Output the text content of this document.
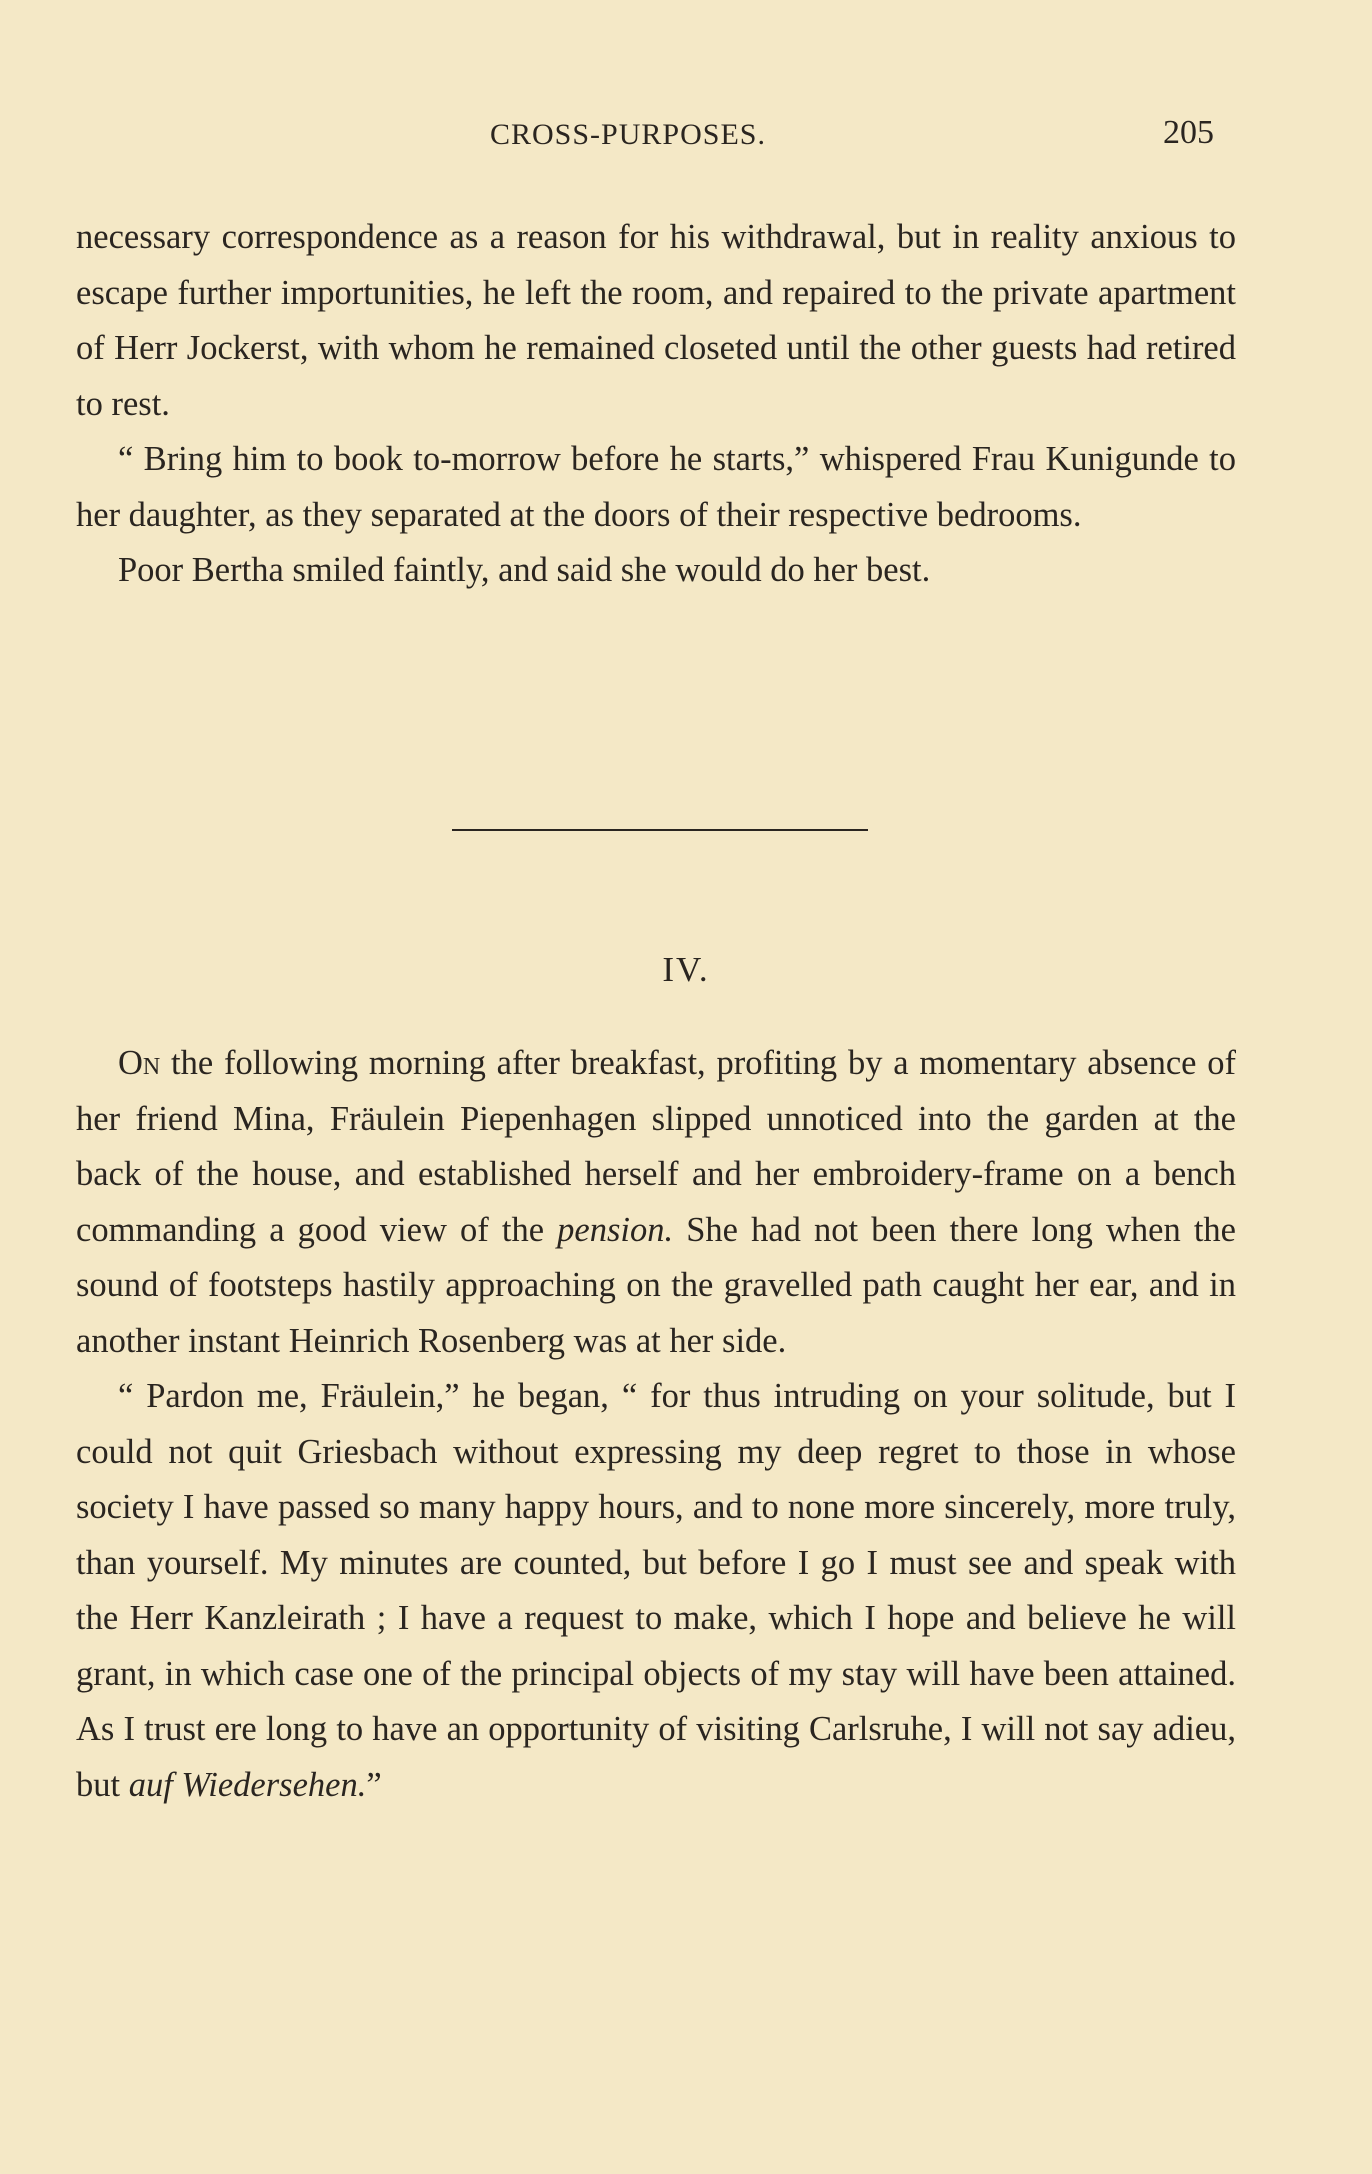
CROSS-PURPOSES.	205

necessary correspondence as a reason for his withdrawal, but in reality anxious to escape further importunities, he left the room, and repaired to the private apartment of Herr Jockerst, with whom he remained closeted until the other guests had retired to rest.

“ Bring him to book to-morrow before he starts,” whispered Frau Kunigunde to her daughter, as they separated at the doors of their respective bedrooms.

Poor Bertha smiled faintly, and said she would do her best.

IV.

On the following morning after breakfast, profiting by a momentary absence of her friend Mina, Fräulein Piepenhagen slipped unnoticed into the garden at the back of the house, and established herself and her embroidery-frame on a bench commanding a good view of the pension. She had not been there long when the sound of footsteps hastily approaching on the gravelled path caught her ear, and in another instant Heinrich Rosenberg was at her side.

“ Pardon me, Fräulein,” he began, “ for thus intruding on your solitude, but I could not quit Griesbach without expressing my deep regret to those in whose society I have passed so many happy hours, and to none more sincerely, more truly, than yourself. My minutes are counted, but before I go I must see and speak with the Herr Kanzleirath ; I have a request to make, which I hope and believe he will grant, in which case one of the principal objects of my stay will have been attained. As I trust ere long to have an opportunity of visiting Carlsruhe, I will not say adieu, but auf Wiedersehen.”
